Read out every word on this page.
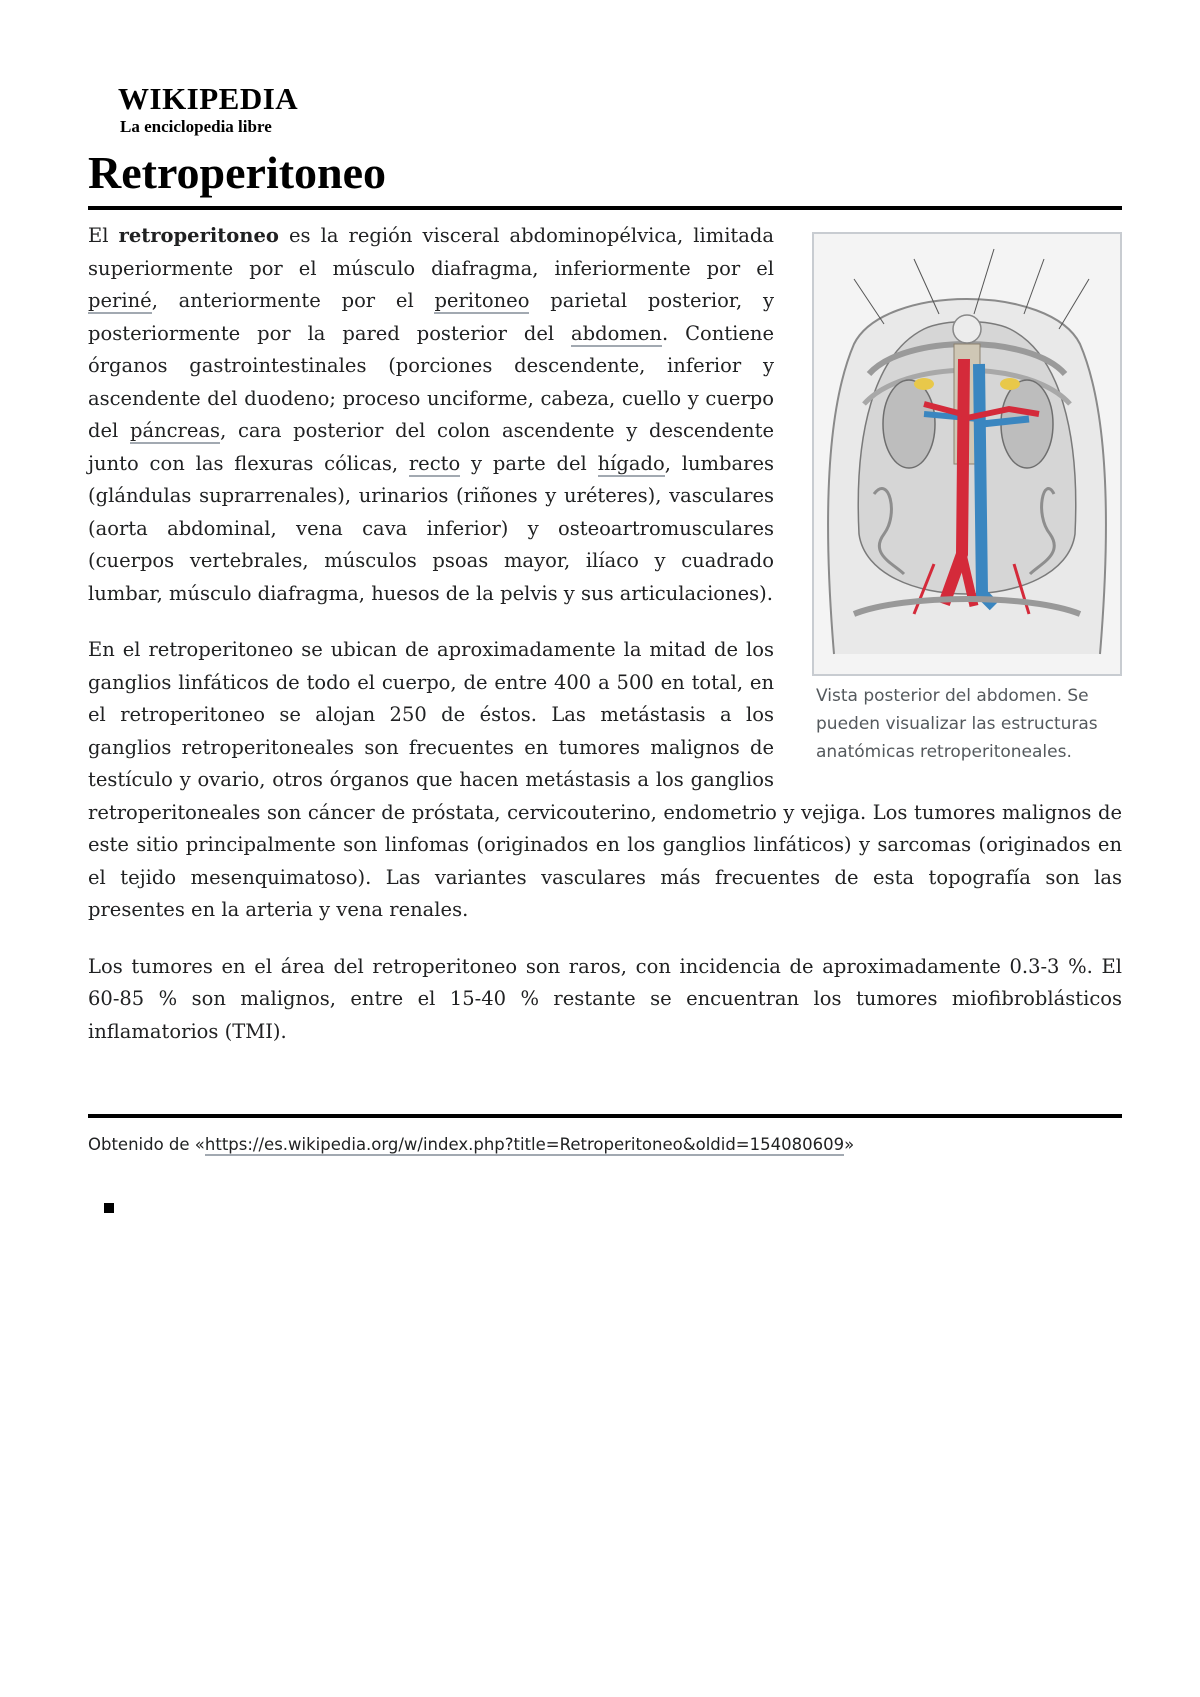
WIKIPEDIA
La enciclopedia libre
Retroperitoneo
Vista posterior del abdomen. Se pueden visualizar las estructuras anatómicas retroperitoneales.

El retroperitoneo es la región visceral abdominopélvica, limitada superiormente por el músculo diafragma, inferiormente por el periné, anteriormente por el peritoneo parietal posterior, y posteriormente por la pared posterior del abdomen. Contiene órganos gastrointestinales (porciones descendente, inferior y ascendente del duodeno; proceso unciforme, cabeza, cuello y cuerpo del páncreas, cara posterior del colon ascendente y descendente junto con las flexuras cólicas, recto y parte del hígado, lumbares (glándulas suprarrenales), urinarios (riñones y uréteres), vasculares (aorta abdominal, vena cava inferior) y osteoartromusculares (cuerpos vertebrales, músculos psoas mayor, ilíaco y cuadrado lumbar, músculo diafragma, huesos de la pelvis y sus articulaciones).

En el retroperitoneo se ubican de aproximadamente la mitad de los ganglios linfáticos de todo el cuerpo, de entre 400 a 500 en total, en el retroperitoneo se alojan 250 de éstos. Las metástasis a los ganglios retroperitoneales son frecuentes en tumores malignos de testículo y ovario, otros órganos que hacen metástasis a los ganglios retroperitoneales son cáncer de próstata, cervicouterino, endometrio y vejiga. Los tumores malignos de este sitio principalmente son linfomas (originados en los ganglios linfáticos) y sarcomas (originados en el tejido mesenquimatoso). Las variantes vasculares más frecuentes de esta topografía son las presentes en la arteria y vena renales.

Los tumores en el área del retroperitoneo son raros, con incidencia de aproximadamente 0.3-3 %. El 60-85 % son malignos, entre el 15-40 % restante se encuentran los tumores miofibroblásticos inflamatorios (TMI).

Obtenido de «https://es.wikipedia.org/w/index.php?title=Retroperitoneo&oldid=154080609»
